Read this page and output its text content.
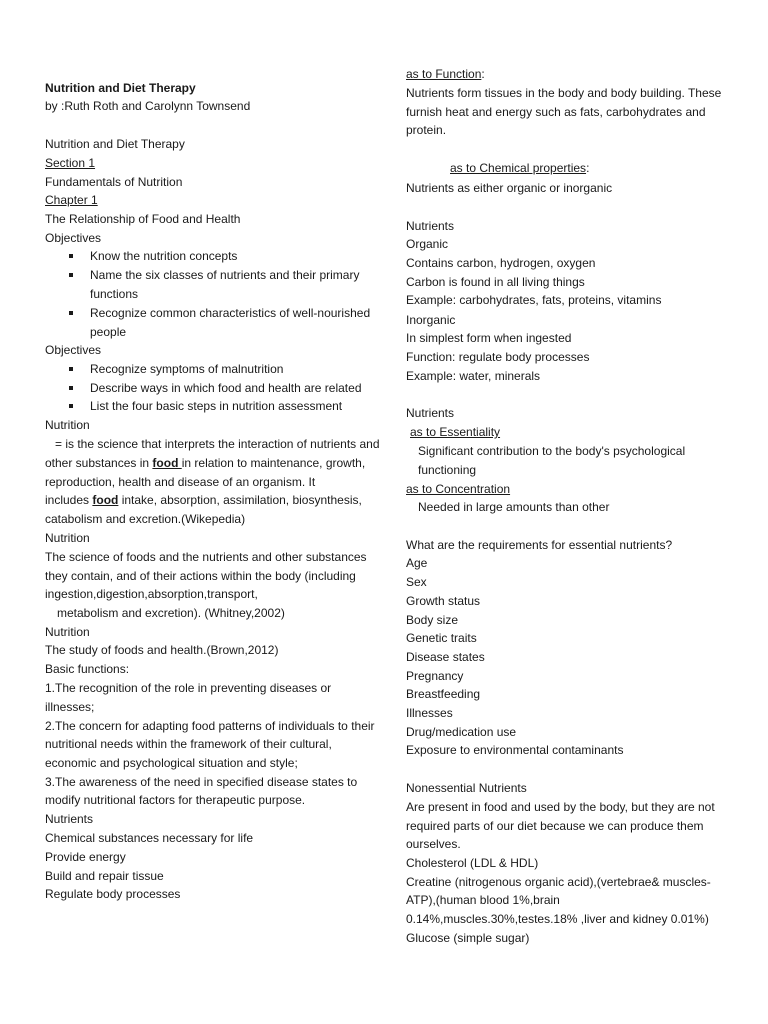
Nutrition and Diet Therapy
by :Ruth Roth and Carolynn Townsend
Nutrition and Diet Therapy
Section 1
Fundamentals of Nutrition
Chapter 1
The Relationship of Food and Health
Objectives
Know the nutrition concepts
Name the six classes of nutrients and their primary
functions
Recognize common characteristics of well-nourished
people
Objectives
Recognize symptoms of malnutrition
Describe ways in which food and health are related
List the four basic steps in nutrition assessment
Nutrition
= is the science that interprets the interaction of nutrients and
other substances in food in relation to maintenance, growth,
reproduction, health and disease of an organism. It
includes food intake, absorption, assimilation, biosynthesis,
catabolism and excretion.(Wikepedia)
Nutrition
The science of foods and the nutrients and other substances
they contain, and of their actions within the body (including
ingestion,digestion,absorption,transport,
metabolism and excretion). (Whitney,2002)
Nutrition
The study of foods and health.(Brown,2012)
Basic functions:
1.The recognition of the role in preventing diseases or
illnesses;
2.The concern for adapting food patterns of individuals to their
nutritional needs within the framework of their cultural,
economic and psychological situation and style;
3.The awareness of the need in specified disease states to
modify nutritional factors for therapeutic purpose.
Nutrients
Chemical substances necessary for life
Provide energy
Build and repair tissue
Regulate body processes
as to Function:
Nutrients form tissues in the body and body building. These
furnish heat and energy such as fats, carbohydrates and
protein.
as to Chemical properties:
Nutrients as either organic or inorganic
Nutrients
Organic
Contains carbon, hydrogen, oxygen
Carbon is found in all living things
Example: carbohydrates, fats, proteins, vitamins
Inorganic
In simplest form when ingested
Function: regulate body processes
Example: water, minerals
Nutrients
as to Essentiality
Significant contribution to the body's psychological
functioning
as to Concentration
Needed in large amounts than other
What are the requirements for essential nutrients?
Age
Sex
Growth status
Body size
Genetic traits
Disease states
Pregnancy
Breastfeeding
Illnesses
Drug/medication use
Exposure to environmental contaminants
Nonessential Nutrients
Are present in food and used by the body, but they are not
required parts of our diet because we can produce them
ourselves.
Cholesterol (LDL & HDL)
Creatine (nitrogenous organic acid),(vertebrae& muscles-
ATP),(human blood 1%,brain
0.14%,muscles.30%,testes.18% ,liver and kidney 0.01%)
Glucose (simple sugar)
